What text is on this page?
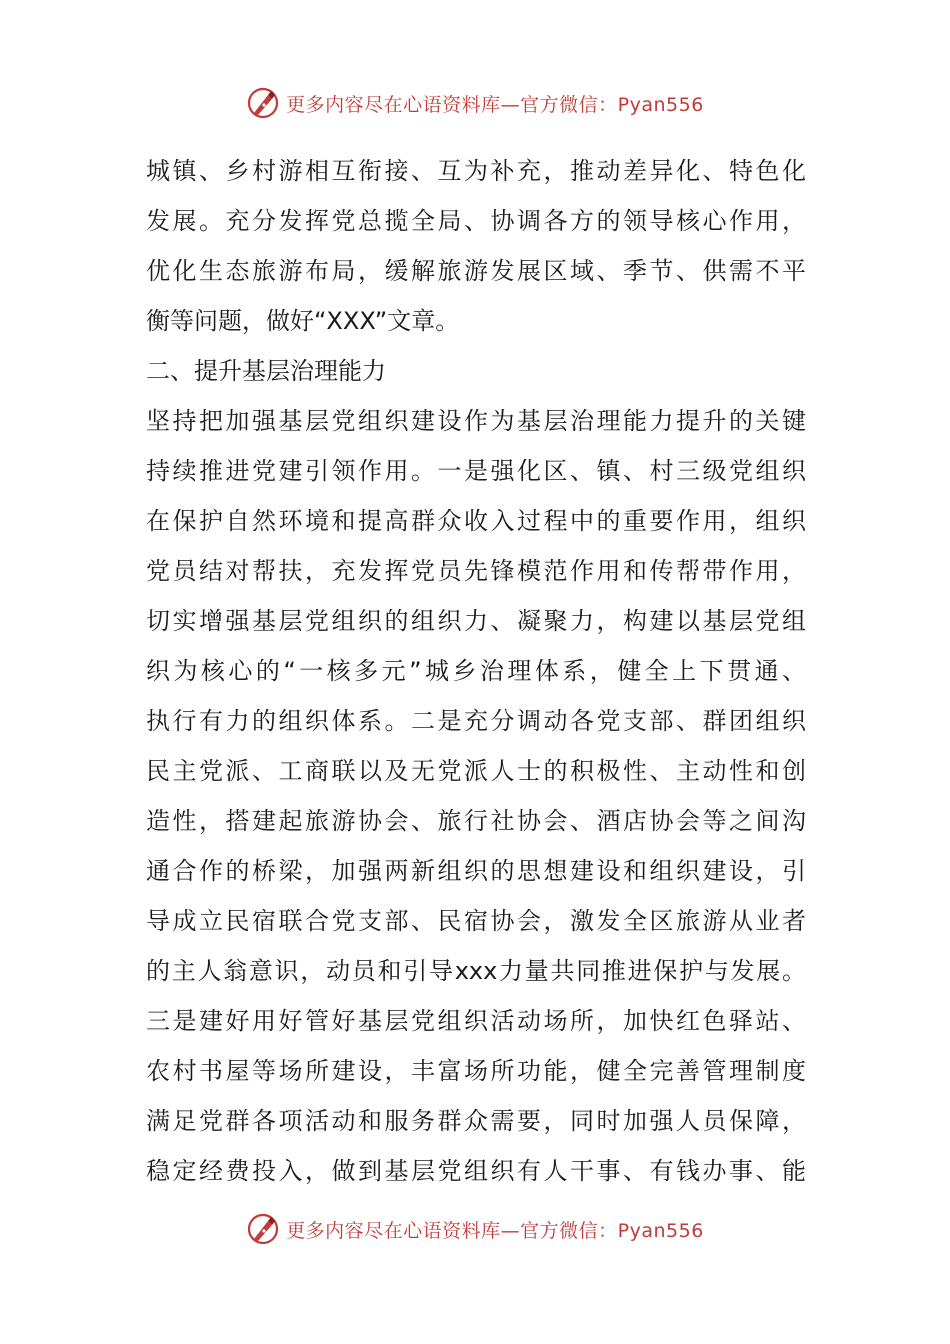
更多内容尽在心语资料库—官方微信：Pyan556
城镇、乡村游相互衔接、互为补充，推动差异化、特色化
发展。充分发挥党总揽全局、协调各方的领导核心作用，
优化生态旅游布局，缓解旅游发展区域、季节、供需不平
衡等问题，做好“XXX”文章。
二、提升基层治理能力
坚持把加强基层党组织建设作为基层治理能力提升的关键
持续推进党建引领作用。一是强化区、镇、村三级党组织
在保护自然环境和提高群众收入过程中的重要作用，组织
党员结对帮扶，充发挥党员先锋模范作用和传帮带作用，
切实增强基层党组织的组织力、凝聚力，构建以基层党组
织为核心的“一核多元”城乡治理体系，健全上下贯通、
执行有力的组织体系。二是充分调动各党支部、群团组织
民主党派、工商联以及无党派人士的积极性、主动性和创
造性，搭建起旅游协会、旅行社协会、酒店协会等之间沟
通合作的桥梁，加强两新组织的思想建设和组织建设，引
导成立民宿联合党支部、民宿协会，激发全区旅游从业者
的主人翁意识，动员和引导xxx力量共同推进保护与发展。
三是建好用好管好基层党组织活动场所，加快红色驿站、
农村书屋等场所建设，丰富场所功能，健全完善管理制度
满足党群各项活动和服务群众需要，同时加强人员保障，
稳定经费投入，做到基层党组织有人干事、有钱办事、能
更多内容尽在心语资料库—官方微信：Pyan556
